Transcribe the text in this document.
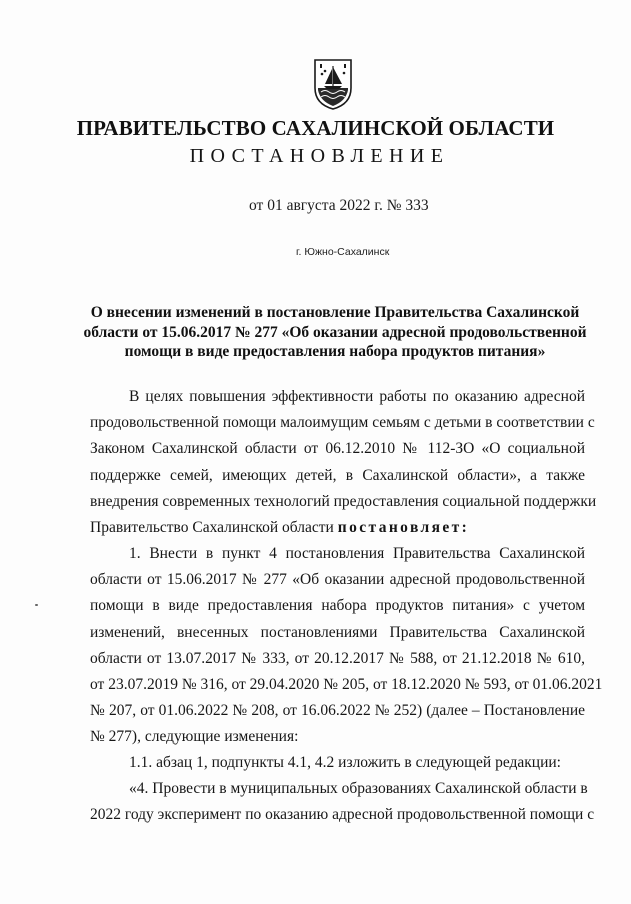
ПРАВИТЕЛЬСТВО САХАЛИНСКОЙ ОБЛАСТИ
ПОСТАНОВЛЕНИЕ
от 01 августа 2022 г. № 333
г. Южно-Сахалинск
О внесении изменений в постановление Правительства Сахалинской
области от 15.06.2017 № 277 «Об оказании адресной продовольственной
помощи в виде предоставления набора продуктов питания»
В целях повышения эффективности работы по оказанию адресной
продовольственной помощи малоимущим семьям с детьми в соответствии с
Законом Сахалинской области от 06.12.2010 № 112-ЗО «О социальной
поддержке семей, имеющих детей, в Сахалинской области», а также
внедрения современных технологий предоставления социальной поддержки
Правительство Сахалинской области постановляет:
1. Внести в пункт 4 постановления Правительства Сахалинской
области от 15.06.2017 № 277 «Об оказании адресной продовольственной
помощи в виде предоставления набора продуктов питания» с учетом
изменений, внесенных постановлениями Правительства Сахалинской
области от 13.07.2017 № 333, от 20.12.2017 № 588, от 21.12.2018 № 610,
от 23.07.2019 № 316, от 29.04.2020 № 205, от 18.12.2020 № 593, от 01.06.2021
№ 207, от 01.06.2022 № 208, от 16.06.2022 № 252) (далее – Постановление
№ 277), следующие изменения:
1.1. абзац 1, подпункты 4.1, 4.2 изложить в следующей редакции:
«4. Провести в муниципальных образованиях Сахалинской области в
2022 году эксперимент по оказанию адресной продовольственной помощи с
